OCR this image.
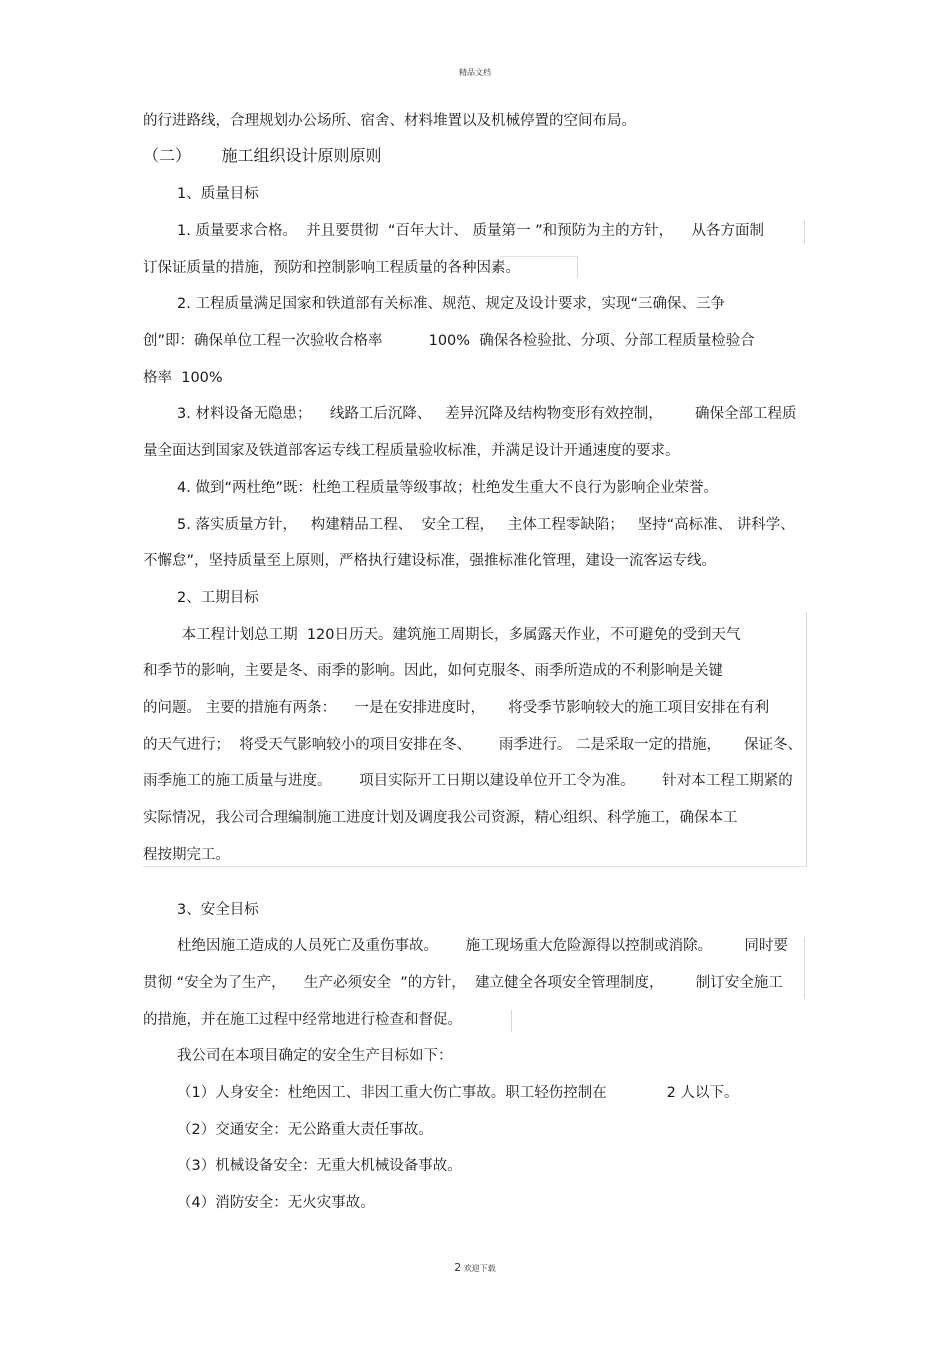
精品文档

的行进路线，合理规划办公场所、宿舍、材料堆置以及机械停置的空间布局。

（二）      施工组织设计原则原则

1、质量目标

1. 质量要求合格。  并且要贯彻  “百年大计、 质量第一 ”和预防为主的方针，    从各方面制

订保证质量的措施，预防和控制影响工程质量的各种因素。

2. 工程质量满足国家和铁道部有关标准、规范、规定及设计要求，实现“三确保、三争

创”即：确保单位工程一次验收合格率          100%  确保各检验批、分项、分部工程质量检验合

格率  100%

3. 材料设备无隐患；    线路工后沉降、   差异沉降及结构物变形有效控制，       确保全部工程质

量全面达到国家及铁道部客运专线工程质量验收标准，并满足设计开通速度的要求。

4. 做到“两杜绝”既：杜绝工程质量等级事故；杜绝发生重大不良行为影响企业荣誉。

5. 落实质量方针，   构建精品工程、  安全工程，   主体工程零缺陷；   坚持“高标准、 讲科学、

不懈怠”，坚持质量至上原则，严格执行建设标准，强推标准化管理，建设一流客运专线。

2、工期目标

本工程计划总工期  120日历天。建筑施工周期长，多属露天作业，不可避免的受到天气

和季节的影响，主要是冬、雨季的影响。因此，如何克服冬、雨季所造成的不利影响是关键

的问题。 主要的措施有两条：    一是在安排进度时，     将受季节影响较大的施工项目安排在有利

的天气进行；  将受天气影响较小的项目安排在冬、      雨季进行。 二是采取一定的措施，     保证冬、

雨季施工的施工质量与进度。      项目实际开工日期以建设单位开工令为准。      针对本工程工期紧的

实际情况，我公司合理编制施工进度计划及调度我公司资源，精心组织、科学施工，确保本工

程按期完工。

3、安全目标

杜绝因施工造成的人员死亡及重伤事故。      施工现场重大危险源得以控制或消除。       同时要

贯彻 “安全为了生产，    生产必须安全  ”的方针，  建立健全各项安全管理制度，       制订安全施工

的措施，并在施工过程中经常地进行检查和督促。

我公司在本项目确定的安全生产目标如下：

（1）人身安全：杜绝因工、非因工重大伤亡事故。职工轻伤控制在             2 人以下。

（2）交通安全：无公路重大责任事故。

（3）机械设备安全：无重大机械设备事故。

（4）消防安全：无火灾事故。

2 欢迎下载
